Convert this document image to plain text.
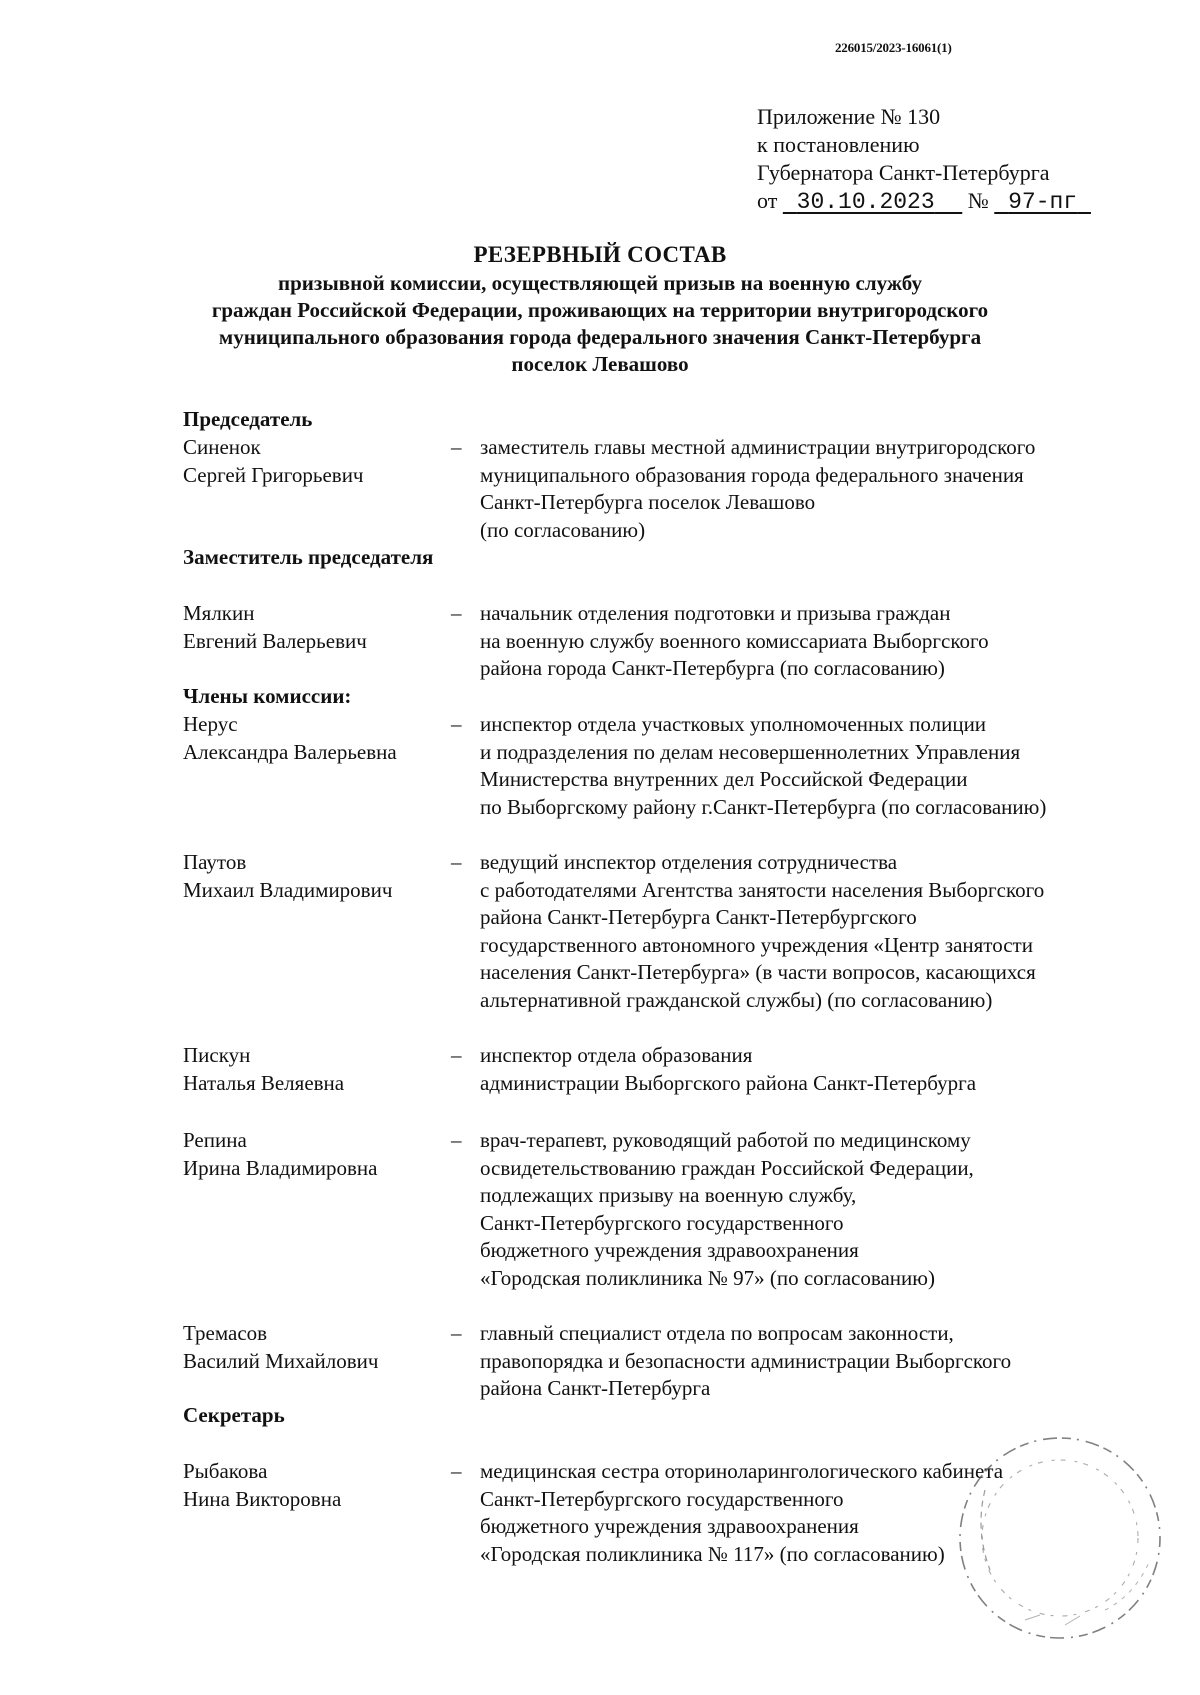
226015/2023-16061(1)
Приложение № 130
к постановлению
Губернатора Санкт-Петербурга
от 30.10.2023 № 97-пг
РЕЗЕРВНЫЙ СОСТАВ
призывной комиссии, осуществляющей призыв на военную службу
граждан Российской Федерации, проживающих на территории внутригородского
муниципального образования города федерального значения Санкт-Петербурга
поселок Левашово
Председатель
Синенок
Сергей Григорьевич
– заместитель главы местной администрации внутригородского
муниципального образования города федерального значения
Санкт-Петербурга поселок Левашово
(по согласованию)
Заместитель председателя
Мялкин
Евгений Валерьевич
– начальник отделения подготовки и призыва граждан
на военную службу военного комиссариата Выборгского
района города Санкт-Петербурга (по согласованию)
Члены комиссии:
Нерус
Александра Валерьевна
– инспектор отдела участковых уполномоченных полиции
и подразделения по делам несовершеннолетних Управления
Министерства внутренних дел Российской Федерации
по Выборгскому району г.Санкт-Петербурга (по согласованию)
Паутов
Михаил Владимирович
– ведущий инспектор отделения сотрудничества
с работодателями Агентства занятости населения Выборгского
района Санкт-Петербурга Санкт-Петербургского
государственного автономного учреждения «Центр занятости
населения Санкт-Петербурга» (в части вопросов, касающихся
альтернативной гражданской службы) (по согласованию)
Пискун
Наталья Веляевна
– инспектор отдела образования
администрации Выборгского района Санкт-Петербурга
Репина
Ирина Владимировна
– врач-терапевт, руководящий работой по медицинскому
освидетельствованию граждан Российской Федерации,
подлежащих призыву на военную службу,
Санкт-Петербургского государственного
бюджетного учреждения здравоохранения
«Городская поликлиника № 97» (по согласованию)
Тремасов
Василий Михайлович
– главный специалист отдела по вопросам законности,
правопорядка и безопасности администрации Выборгского
района Санкт-Петербурга
Секретарь
Рыбакова
Нина Викторовна
– медицинская сестра оториноларингологического кабинета
Санкт-Петербургского государственного
бюджетного учреждения здравоохранения
«Городская поликлиника № 117» (по согласованию)
